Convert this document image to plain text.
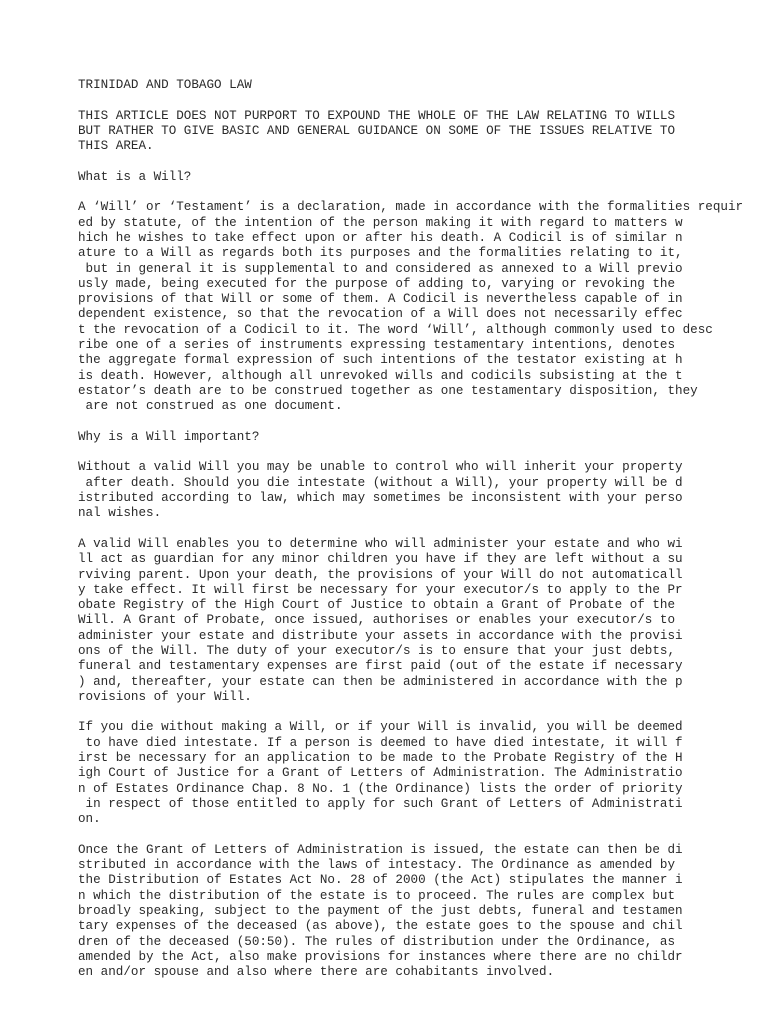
TRINIDAD AND TOBAGO LAW
THIS ARTICLE DOES NOT PURPORT TO EXPOUND THE WHOLE OF THE LAW RELATING TO WILLS
BUT RATHER TO GIVE BASIC AND GENERAL GUIDANCE ON SOME OF THE ISSUES RELATIVE TO
THIS AREA.
What is a Will?
A ‘Will’ or ‘Testament’ is a declaration, made in accordance with the formalities requir
ed by statute, of the intention of the person making it with regard to matters w
hich he wishes to take effect upon or after his death. A Codicil is of similar n
ature to a Will as regards both its purposes and the formalities relating to it,
but in general it is supplemental to and considered as annexed to a Will previo
usly made, being executed for the purpose of adding to, varying or revoking the
provisions of that Will or some of them. A Codicil is nevertheless capable of in
dependent existence, so that the revocation of a Will does not necessarily effec
t the revocation of a Codicil to it. The word ‘Will’, although commonly used to desc
ribe one of a series of instruments expressing testamentary intentions, denotes
the aggregate formal expression of such intentions of the testator existing at h
is death. However, although all unrevoked wills and codicils subsisting at the t
estator’s death are to be construed together as one testamentary disposition, they
are not construed as one document.
Why is a Will important?
Without a valid Will you may be unable to control who will inherit your property
after death. Should you die intestate (without a Will), your property will be d
istributed according to law, which may sometimes be inconsistent with your perso
nal wishes.
A valid Will enables you to determine who will administer your estate and who wi
ll act as guardian for any minor children you have if they are left without a su
rviving parent. Upon your death, the provisions of your Will do not automaticall
y take effect. It will first be necessary for your executor/s to apply to the Pr
obate Registry of the High Court of Justice to obtain a Grant of Probate of the
Will. A Grant of Probate, once issued, authorises or enables your executor/s to
administer your estate and distribute your assets in accordance with the provisi
ons of the Will. The duty of your executor/s is to ensure that your just debts,
funeral and testamentary expenses are first paid (out of the estate if necessary
) and, thereafter, your estate can then be administered in accordance with the p
rovisions of your Will.
If you die without making a Will, or if your Will is invalid, you will be deemed
to have died intestate. If a person is deemed to have died intestate, it will f
irst be necessary for an application to be made to the Probate Registry of the H
igh Court of Justice for a Grant of Letters of Administration. The Administratio
n of Estates Ordinance Chap. 8 No. 1 (the Ordinance) lists the order of priority
in respect of those entitled to apply for such Grant of Letters of Administrati
on.
Once the Grant of Letters of Administration is issued, the estate can then be di
stributed in accordance with the laws of intestacy. The Ordinance as amended by
the Distribution of Estates Act No. 28 of 2000 (the Act) stipulates the manner i
n which the distribution of the estate is to proceed. The rules are complex but
broadly speaking, subject to the payment of the just debts, funeral and testamen
tary expenses of the deceased (as above), the estate goes to the spouse and chil
dren of the deceased (50:50). The rules of distribution under the Ordinance, as
amended by the Act, also make provisions for instances where there are no childr
en and/or spouse and also where there are cohabitants involved.
